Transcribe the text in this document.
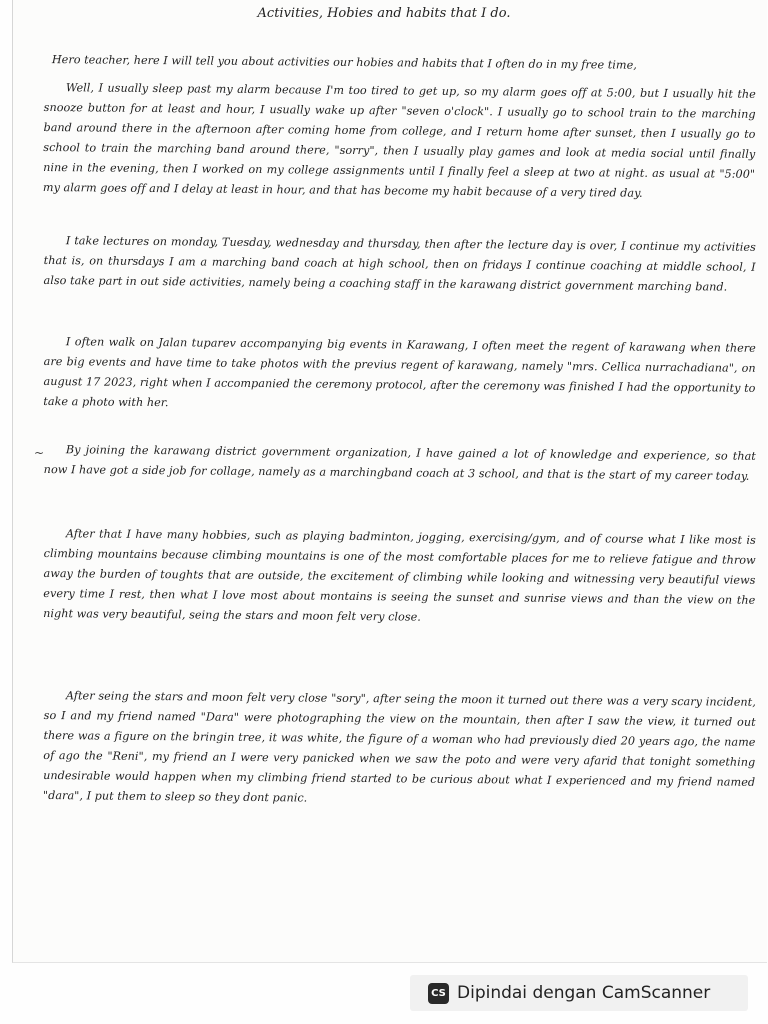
Activities, Hobies and habits that I do.
~
Hero teacher, here I will tell you about activities our hobies and habits that I often do in my free time,
Well, I usually sleep past my alarm because I'm too tired to get up, so my alarm goes off at 5:00, but I usually hit the snooze button for at least and hour, I usually wake up after "seven o'clock". I usually go to school train to the marching band around there in the afternoon after coming home from college, and I return home after sunset, then I usually go to school to train the marching band around there, "sorry", then I usually play games and look at media social until finally nine in the evening, then I worked on my college assignments until I finally feel a sleep at two at night. as usual at "5:00" my alarm goes off and I delay at least in hour, and that has become my habit because of a very tired day.
I take lectures on monday, Tuesday, wednesday and thursday, then after the lecture day is over, I continue my activities that is, on thursdays I am a marching band coach at high school, then on fridays I continue coaching at middle school, I also take part in out side activities, namely being a coaching staff in the karawang district government marching band.
I often walk on Jalan tuparev accompanying big events in Karawang, I often meet the regent of karawang when there are big events and have time to take photos with the previus regent of karawang, namely "mrs. Cellica nurrachadiana", on august 17 2023, right when I accompanied the ceremony protocol, after the ceremony was finished I had the opportunity to take a photo with her.
By joining the karawang district government organization, I have gained a lot of knowledge and experience, so that now I have got a side job for collage, namely as a marchingband coach at 3 school, and that is the start of my career today.
After that I have many hobbies, such as playing badminton, jogging, exercising/gym, and of course what I like most is climbing mountains because climbing mountains is one of the most comfortable places for me to relieve fatigue and throw away the burden of toughts that are outside, the excitement of climbing while looking and witnessing very beautiful views every time I rest, then what I love most about montains is seeing the sunset and sunrise views and than the view on the night was very beautiful, seing the stars and moon felt very close.
After seing the stars and moon felt very close "sory", after seing the moon it turned out there was a very scary incident, so I and my friend named "Dara" were photographing the view on the mountain, then after I saw the view, it turned out there was a figure on the bringin tree, it was white, the figure of a woman who had previously died 20 years ago, the name of ago the "Reni", my friend an I were very panicked when we saw the poto and were very afarid that tonight something undesirable would happen when my climbing friend started to be curious about what I experienced and my friend named "dara", I put them to sleep so they dont panic.
CS Dipindai dengan CamScanner
